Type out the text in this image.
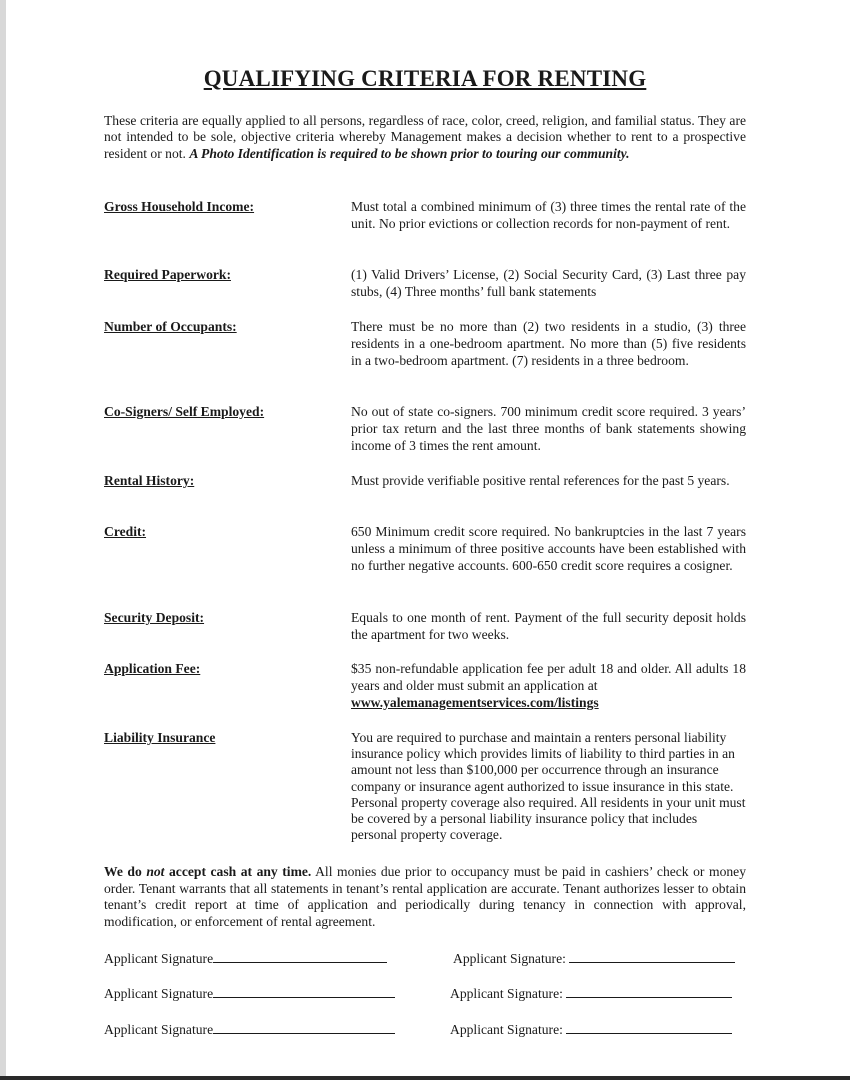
QUALIFYING CRITERIA FOR RENTING
These criteria are equally applied to all persons, regardless of race, color, creed, religion, and familial status. They are not intended to be sole, objective criteria whereby Management makes a decision whether to rent to a prospective resident or not. A Photo Identification is required to be shown prior to touring our community.
Gross Household Income:	Must total a combined minimum of (3) three times the rental rate of the unit. No prior evictions or collection records for non-payment of rent.
Required Paperwork:	(1) Valid Drivers’ License, (2) Social Security Card, (3) Last three pay stubs, (4) Three months’ full bank statements
Number of Occupants:	There must be no more than (2) two residents in a studio, (3) three residents in a one-bedroom apartment. No more than (5) five residents in a two-bedroom apartment. (7) residents in a three bedroom.
Co-Signers/ Self Employed:	No out of state co-signers. 700 minimum credit score required. 3 years’ prior tax return and the last three months of bank statements showing income of 3 times the rent amount.
Rental History:	Must provide verifiable positive rental references for the past 5 years.
Credit:	650 Minimum credit score required. No bankruptcies in the last 7 years unless a minimum of three positive accounts have been established with no further negative accounts. 600-650 credit score requires a cosigner.
Security Deposit:	Equals to one month of rent. Payment of the full security deposit holds the apartment for two weeks.
Application Fee:	$35 non-refundable application fee per adult 18 and older. All adults 18 years and older must submit an application at
www.yalemanagementservices.com/listings
Liability Insurance	You are required to purchase and maintain a renters personal liability insurance policy which provides limits of liability to third parties in an amount not less than $100,000 per occurrence through an insurance company or insurance agent authorized to issue insurance in this state. Personal property coverage also required. All residents in your unit must be covered by a personal liability insurance policy that includes personal property coverage.
We do not accept cash at any time. All monies due prior to occupancy must be paid in cashiers’ check or money order. Tenant warrants that all statements in tenant’s rental application are accurate. Tenant authorizes lesser to obtain tenant’s credit report at time of application and periodically during tenancy in connection with approval, modification, or enforcement of rental agreement.
Applicant Signature	Applicant Signature:
Applicant Signature	Applicant Signature:
Applicant Signature	Applicant Signature:
